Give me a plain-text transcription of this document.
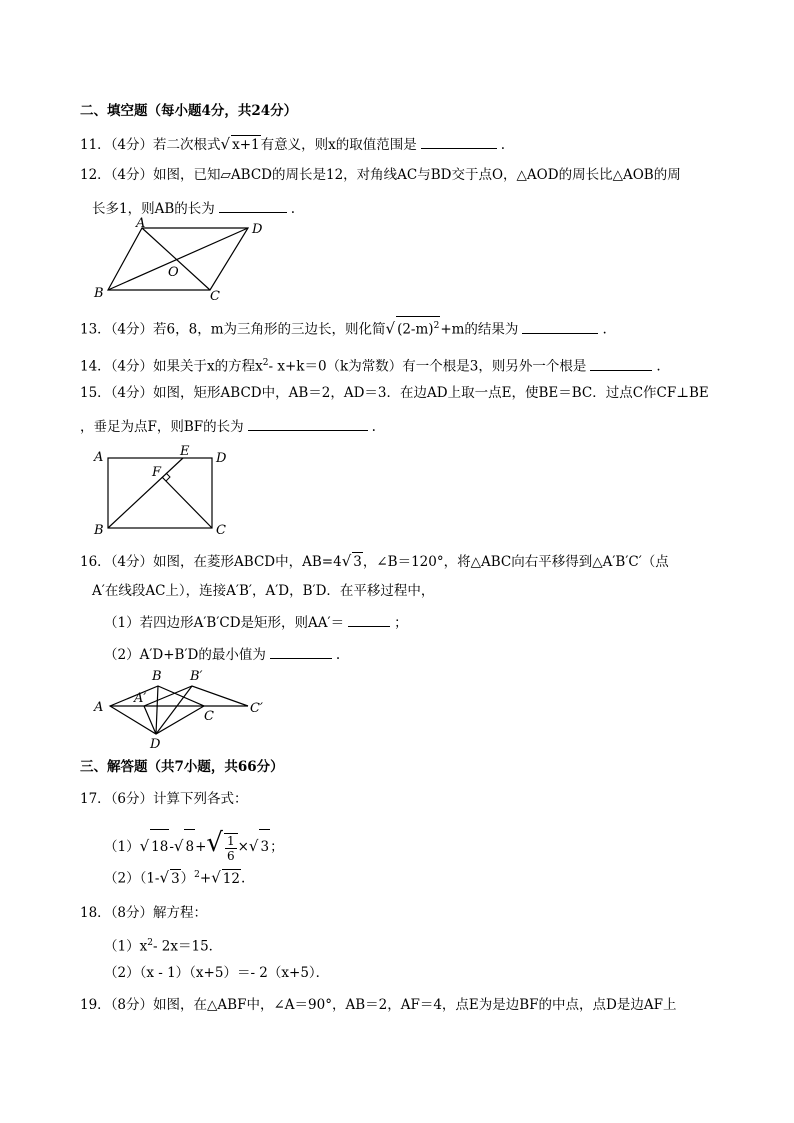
二、填空题（每小题4分，共24分）
11．（4分）若二次根式√ x+1有意义，则x的取值范围是	.
12．（4分）如图，已知▱ABCD的周长是12，对角线AC与BD交于点O，△AOD的周长比△AOB的周
长多1，则AB的长为	.
A	D
B	C
O
13．（4分）若6，8，m为三角形的三边长，则化简√ $(2-m)^2+m$的结果为	.
14．（4分）如果关于x的方程$x^2-$ x+k＝0（k为常数）有一个根是3，则另外一个根是	.
15．（4分）如图，矩形ABCD中，AB＝2，AD＝3．在边AD上取一点E，使BE＝BC．过点C作CF⊥BE
，垂足为点F，则BF的长为	.
A	E D
F
B	C
16．（4分）如图，在菱形ABCD中，AB=4√ 3，∠B＝120°，将△ABC向右平移得到△A′B′C′（点
A′在线段AC上），连接A′B′，A′D，B′D．在平移过程中，
（1）若四边形A′B′CD是矩形，则AA′＝	；
（2）A′D+B′D的最小值为	.
A
B B′
A′
C
C′
D
三、解答题（共7小题，共66分）
17．（6分）计算下列各式：
（1）√ 18-√ $8+√ \frac{1}{6}$ ×√ 3；
（2）（1-√ 3）$^2$+√ 12.
18．（8分）解方程：
$(1)x^2-$ 2x＝15．
（2）（x - 1）（x+5）＝- 2（x+5）．
19．（8分）如图，在△ABF中，∠A＝90°，AB＝2，AF＝4，点E为是边BF的中点，点D是边AF上
